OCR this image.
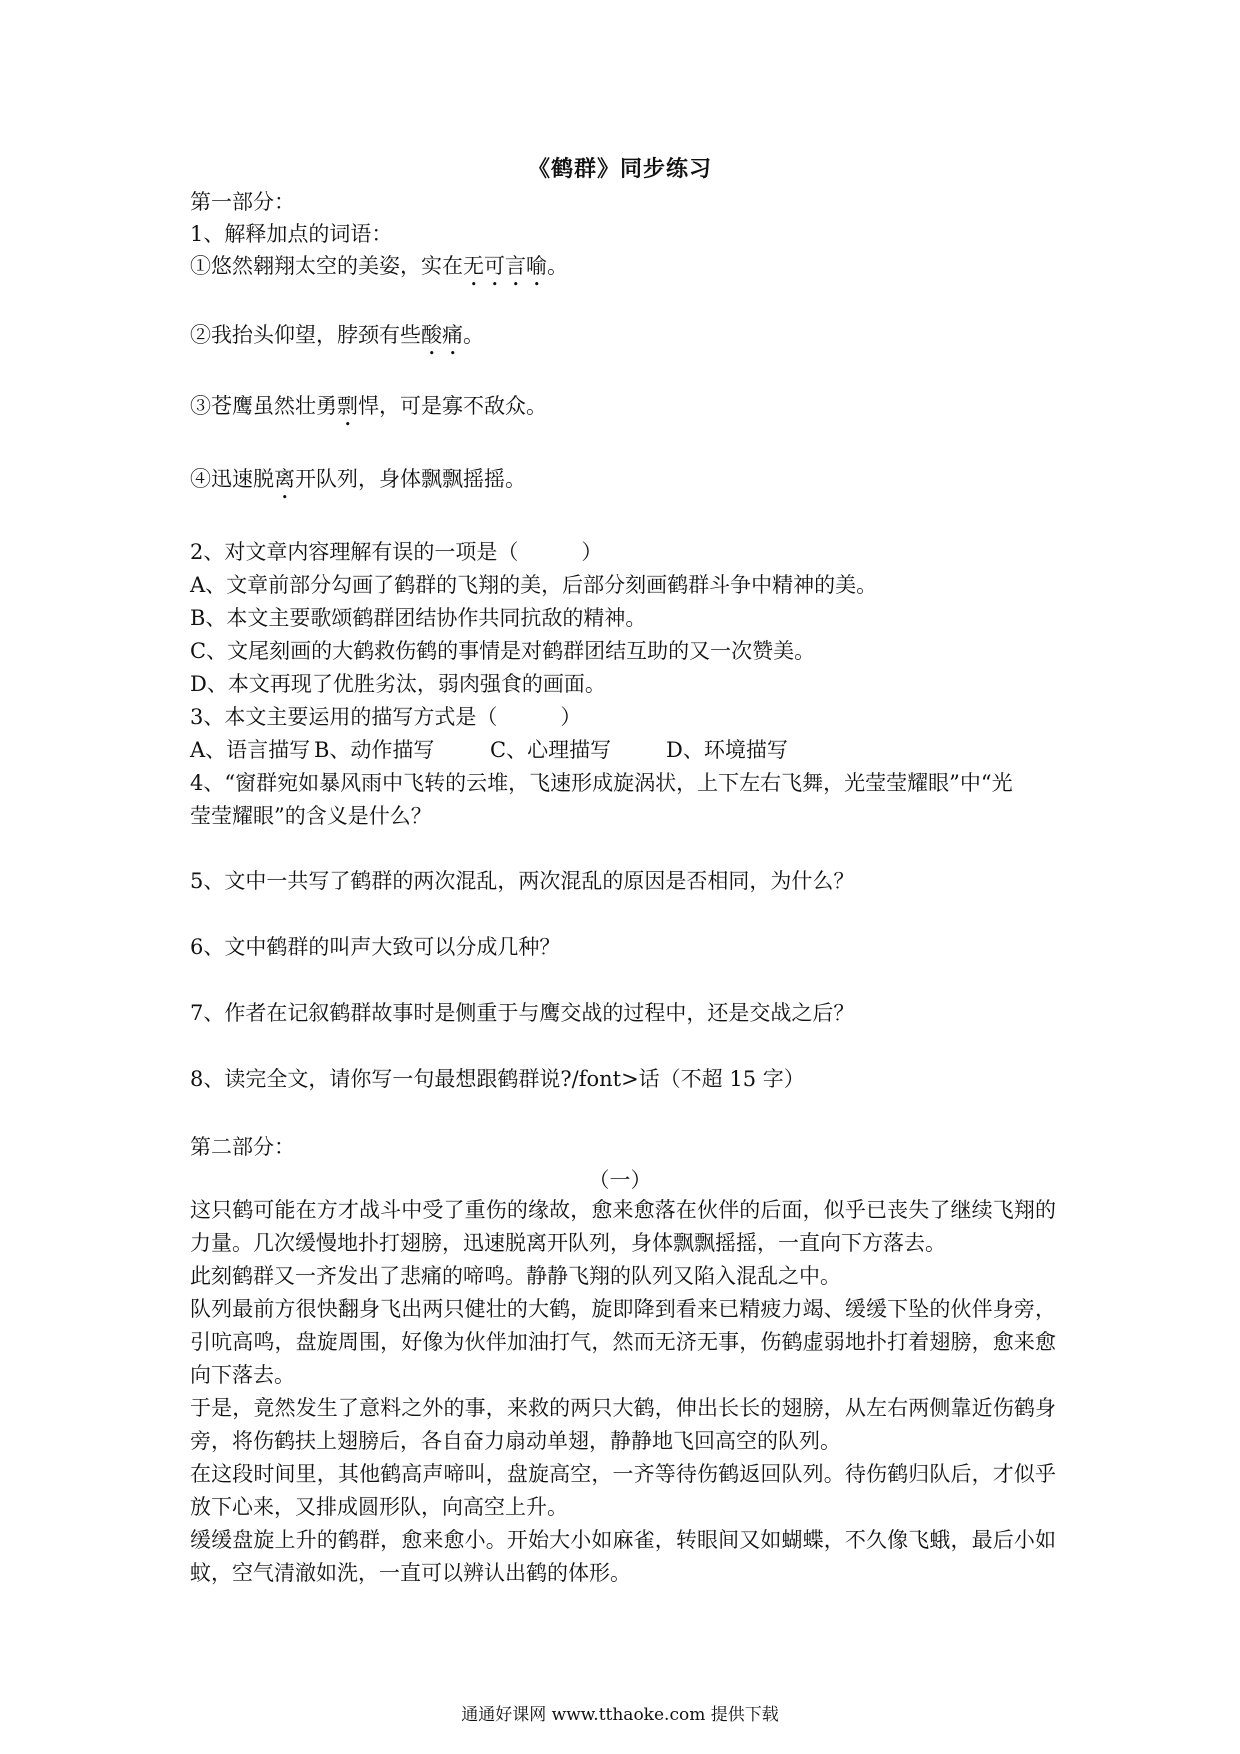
《鹤群》同步练习
第一部分：
1、解释加点的词语：
①悠然翱翔太空的美姿，实在无可言喻。
②我抬头仰望，脖颈有些酸痛。
③苍鹰虽然壮勇剽悍，可是寡不敌众。
④迅速脱离开队列，身体飘飘摇摇。
2、对文章内容理解有误的一项是（　　　）
A、文章前部分勾画了鹤群的飞翔的美，后部分刻画鹤群斗争中精神的美。
B、本文主要歌颂鹤群团结协作共同抗敌的精神。
C、文尾刻画的大鹤救伤鹤的事情是对鹤群团结互助的又一次赞美。
D、本文再现了优胜劣汰，弱肉强食的画面。
3、本文主要运用的描写方式是（　　　）
A、语言描写 B、动作描写	C、心理描写	D、环境描写
4、“窗群宛如暴风雨中飞转的云堆，飞速形成旋涡状，上下左右飞舞，光莹莹耀眼”中“光
莹莹耀眼”的含义是什么？
5、文中一共写了鹤群的两次混乱，两次混乱的原因是否相同，为什么？
6、文中鹤群的叫声大致可以分成几种？
7、作者在记叙鹤群故事时是侧重于与鹰交战的过程中，还是交战之后？
8、读完全文，请你写一句最想跟鹤群说?/font>话（不超 15 字）
第二部分：
（一）
这只鹤可能在方才战斗中受了重伤的缘故，愈来愈落在伙伴的后面，似乎已丧失了继续飞翔的力量。几次缓慢地扑打翅膀，迅速脱离开队列，身体飘飘摇摇，一直向下方落去。
此刻鹤群又一齐发出了悲痛的啼鸣。静静飞翔的队列又陷入混乱之中。
队列最前方很快翻身飞出两只健壮的大鹤，旋即降到看来已精疲力竭、缓缓下坠的伙伴身旁，引吭高鸣，盘旋周围，好像为伙伴加油打气，然而无济无事，伤鹤虚弱地扑打着翅膀，愈来愈向下落去。
于是，竟然发生了意料之外的事，来救的两只大鹤，伸出长长的翅膀，从左右两侧靠近伤鹤身旁，将伤鹤扶上翅膀后，各自奋力扇动单翅，静静地飞回高空的队列。
在这段时间里，其他鹤高声啼叫，盘旋高空，一齐等待伤鹤返回队列。待伤鹤归队后，才似乎放下心来，又排成圆形队，向高空上升。
缓缓盘旋上升的鹤群，愈来愈小。开始大小如麻雀，转眼间又如蝴蝶，不久像飞蛾，最后小如蚊，空气清澈如洗，一直可以辨认出鹤的体形。
通通好课网 www.tthaoke.com 提供下载
